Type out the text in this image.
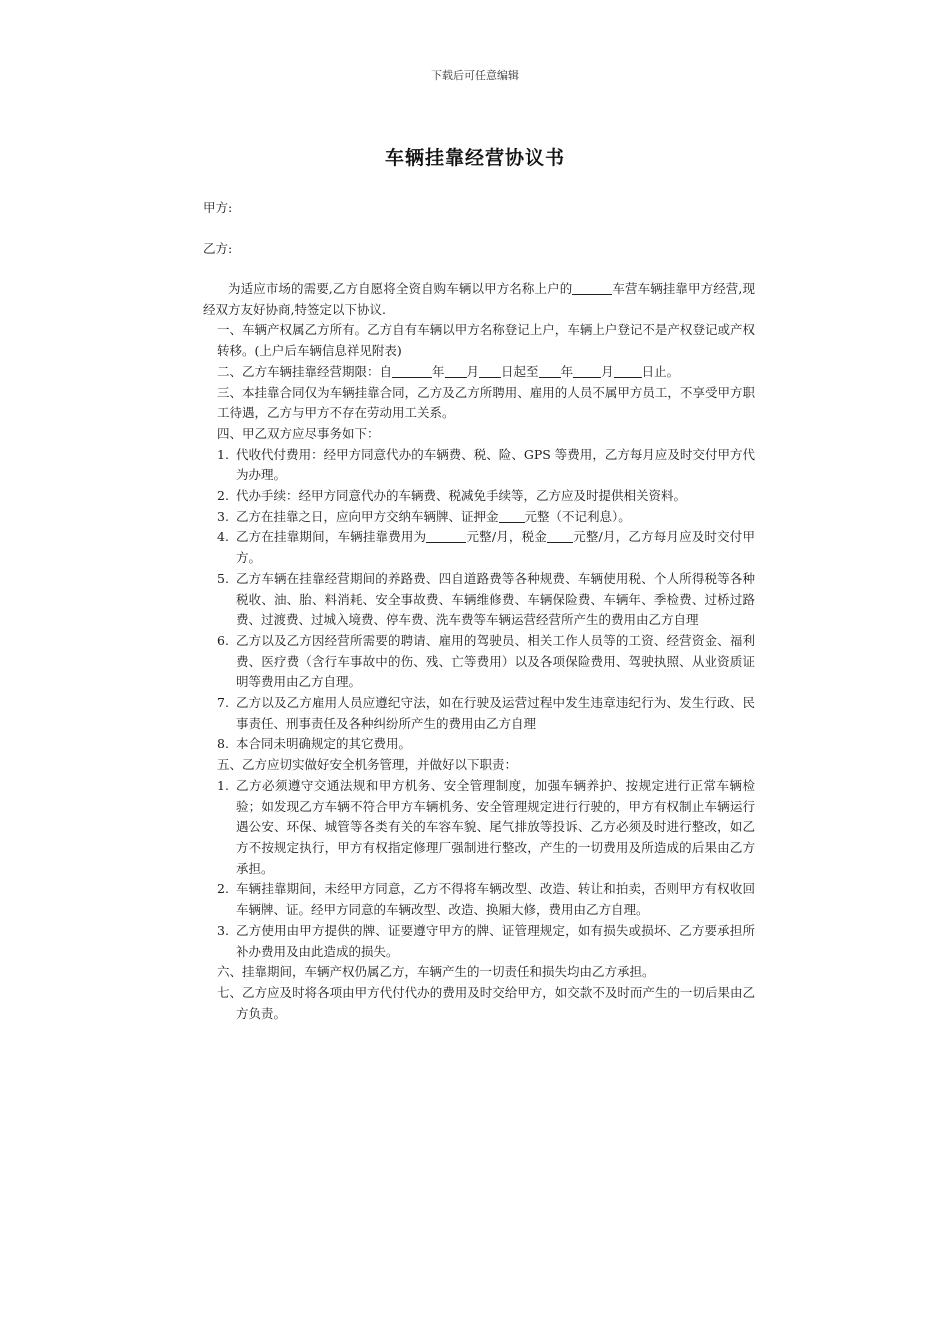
下载后可任意编辑
车辆挂靠经营协议书
甲方:
乙方:
为适应市场的需要,乙方自愿将全资自购车辆以甲方名称上户的	车营车辆挂靠甲方经营,现经双方友好协商,特签定以下协议.
一、车辆产权属乙方所有。乙方自有车辆以甲方名称登记上户，车辆上户登记不是产权登记或产权转移。(上户后车辆信息祥见附表)
二、乙方车辆挂靠经营期限：自	年 月 日起至 年 月 日止。
三、本挂靠合同仅为车辆挂靠合同，乙方及乙方所聘用、雇用的人员不属甲方员工，不享受甲方职工待遇，乙方与甲方不存在劳动用工关系。
四、甲乙双方应尽事务如下：
1. 代收代付费用：经甲方同意代办的车辆费、税、险、GPS 等费用，乙方每月应及时交付甲方代为办理。
2. 代办手续：经甲方同意代办的车辆费、税减免手续等，乙方应及时提供相关资料。
3. 乙方在挂靠之日，应向甲方交纳车辆牌、证押金 元整（不记利息）。
4. 乙方在挂靠期间，车辆挂靠费用为	元整/月，税金 元整/月，乙方每月应及时交付甲方。
5. 乙方车辆在挂靠经营期间的养路费、四自道路费等各种规费、车辆使用税、个人所得税等各种税收、油、胎、料消耗、安全事故费、车辆维修费、车辆保险费、车辆年、季检费、过桥过路费、过渡费、过城入境费、停车费、洗车费等车辆运营经营所产生的费用由乙方自理
6. 乙方以及乙方因经营所需要的聘请、雇用的驾驶员、相关工作人员等的工资、经营资金、福利费、医疗费（含行车事故中的伤、残、亡等费用）以及各项保险费用、驾驶执照、从业资质证明等费用由乙方自理。
7. 乙方以及乙方雇用人员应遵纪守法，如在行驶及运营过程中发生违章违纪行为、发生行政、民事责任、刑事责任及各种纠纷所产生的费用由乙方自理
8. 本合同未明确规定的其它费用。
五、乙方应切实做好安全机务管理，并做好以下职责：
1. 乙方必须遵守交通法规和甲方机务、安全管理制度，加强车辆养护、按规定进行正常车辆检验；如发现乙方车辆不符合甲方车辆机务、安全管理规定进行行驶的，甲方有权制止车辆运行遇公安、环保、城管等各类有关的车容车貌、尾气排放等投诉、乙方必须及时进行整改，如乙方不按规定执行，甲方有权指定修理厂强制进行整改，产生的一切费用及所造成的后果由乙方承担。
2. 车辆挂靠期间，未经甲方同意，乙方不得将车辆改型、改造、转让和拍卖，否则甲方有权收回车辆牌、证。经甲方同意的车辆改型、改造、换厢大修，费用由乙方自理。
3. 乙方使用由甲方提供的牌、证要遵守甲方的牌、证管理规定，如有损失或损坏、乙方要承担所补办费用及由此造成的损失。
六、挂靠期间，车辆产权仍属乙方，车辆产生的一切责任和损失均由乙方承担。
七、乙方应及时将各项由甲方代付代办的费用及时交给甲方，如交款不及时而产生的一切后果由乙方负责。
